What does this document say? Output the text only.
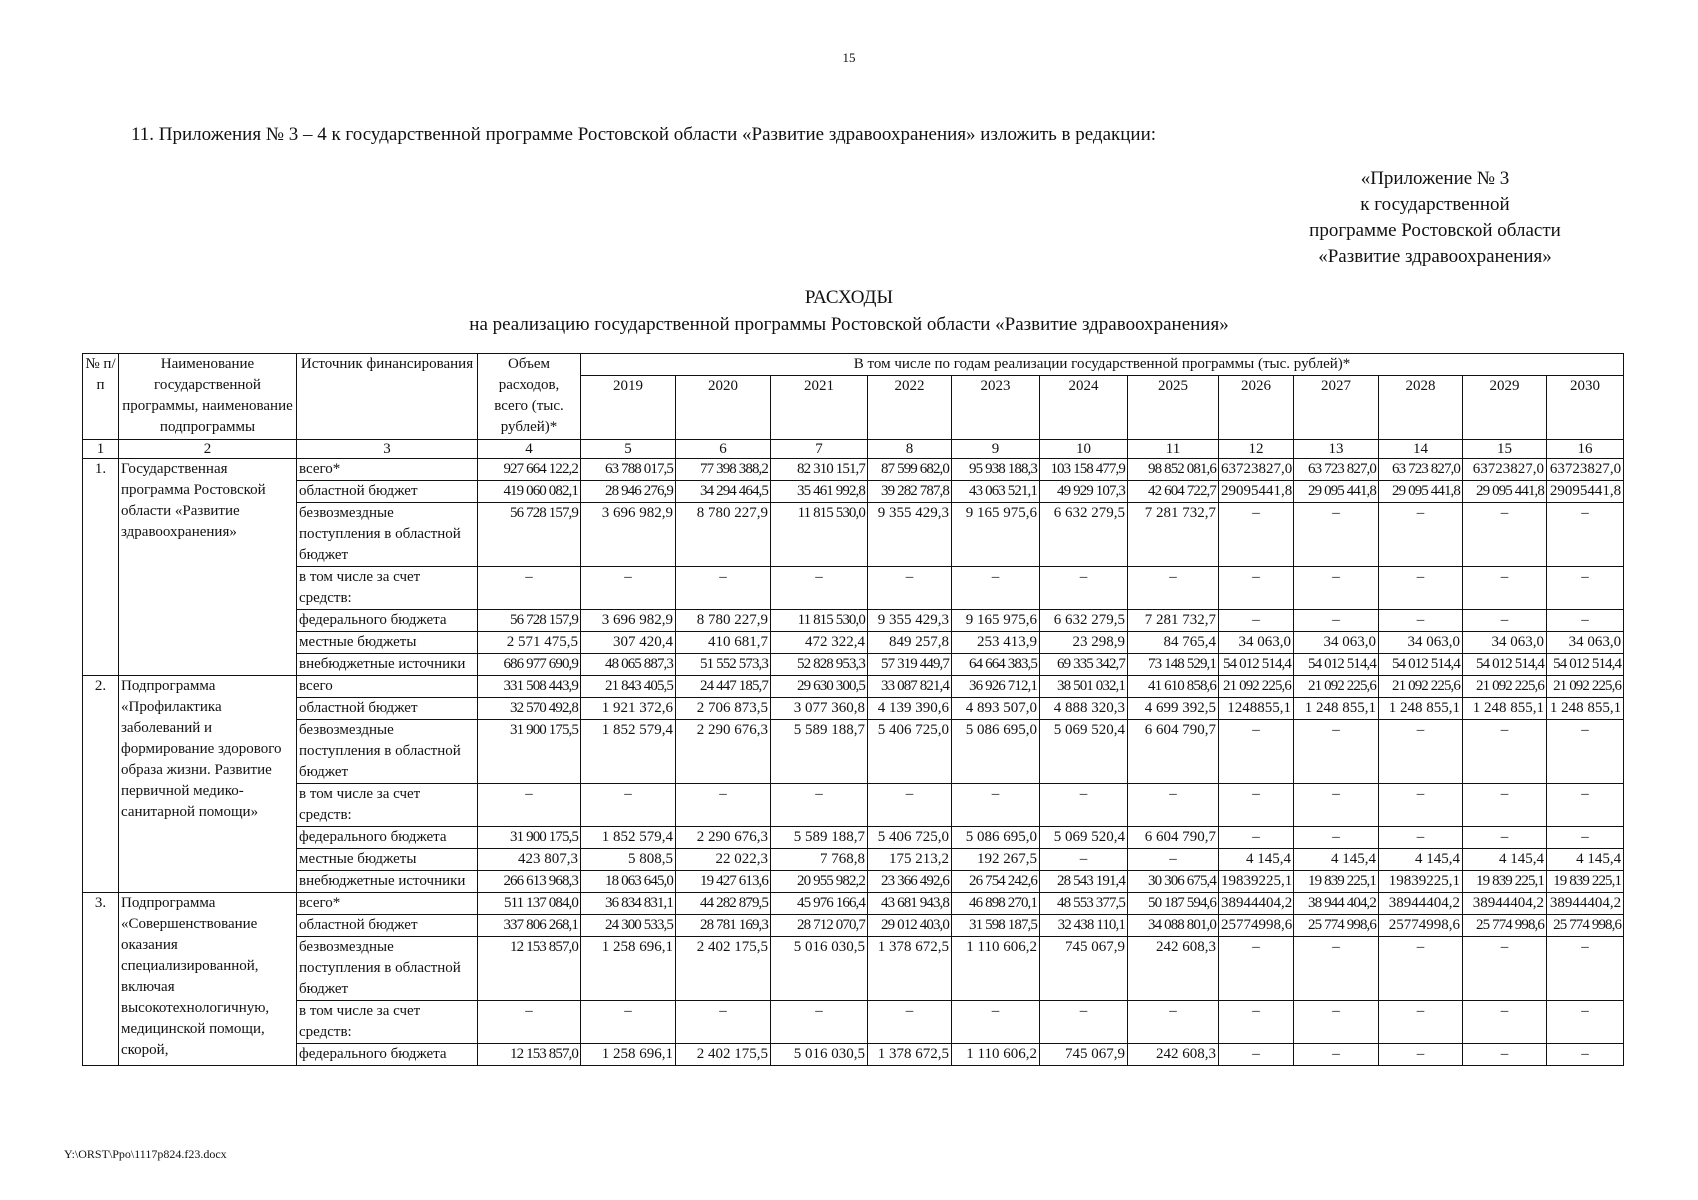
15
11. Приложения № 3 – 4 к государственной программе Ростовской области «Развитие здравоохранения» изложить в редакции:
«Приложение № 3
к государственной
программе Ростовской области
«Развитие здравоохранения»
РАСХОДЫ
на реализацию государственной программы Ростовской области «Развитие здравоохранения»
№ п/п	Наименование государственной программы, наименование подпрограммы	Источник финансирования	Объем расходов, всего (тыс. рублей)*	В том числе по годам реализации государственной программы (тыс. рублей)*											
				2019	2020	2021	2022	2023	2024	2025	2026	2027	2028	2029	2030
1	2	3	4	5	6	7	8	9	10	11	12	13	14	15	16
1.	Государственная программа Ростовской области «Развитие здравоохранения»	всего*	927 664 122,2	63 788 017,5	77 398 388,2	82 310 151,7	87 599 682,0	95 938 188,3	103 158 477,9	98 852 081,6	63723827,0	63 723 827,0	63 723 827,0	63723827,0	63723827,0
		областной бюджет	419 060 082,1	28 946 276,9	34 294 464,5	35 461 992,8	39 282 787,8	43 063 521,1	49 929 107,3	42 604 722,7	29095441,8	29 095 441,8	29 095 441,8	29 095 441,8	29095441,8
		безвозмездные поступления в областной бюджет	56 728 157,9	3 696 982,9	8 780 227,9	11 815 530,0	9 355 429,3	9 165 975,6	6 632 279,5	7 281 732,7	–	–	–	–	–
		в том числе за счет средств:	–	–	–	–	–	–	–	–	–	–	–	–	–
		федерального бюджета	56 728 157,9	3 696 982,9	8 780 227,9	11 815 530,0	9 355 429,3	9 165 975,6	6 632 279,5	7 281 732,7	–	–	–	–	–
		местные бюджеты	2 571 475,5	307 420,4	410 681,7	472 322,4	849 257,8	253 413,9	23 298,9	84 765,4	34 063,0	34 063,0	34 063,0	34 063,0	34 063,0
		внебюджетные источники	686 977 690,9	48 065 887,3	51 552 573,3	52 828 953,3	57 319 449,7	64 664 383,5	69 335 342,7	73 148 529,1	54 012 514,4	54 012 514,4	54 012 514,4	54 012 514,4	54 012 514,4
2.	Подпрограмма «Профилактика заболеваний и формирование здорового образа жизни. Развитие первичной медико-санитарной помощи»	всего	331 508 443,9	21 843 405,5	24 447 185,7	29 630 300,5	33 087 821,4	36 926 712,1	38 501 032,1	41 610 858,6	21 092 225,6	21 092 225,6	21 092 225,6	21 092 225,6	21 092 225,6
		областной бюджет	32 570 492,8	1 921 372,6	2 706 873,5	3 077 360,8	4 139 390,6	4 893 507,0	4 888 320,3	4 699 392,5	1248855,1	1 248 855,1	1 248 855,1	1 248 855,1	1 248 855,1
		безвозмездные поступления в областной бюджет	31 900 175,5	1 852 579,4	2 290 676,3	5 589 188,7	5 406 725,0	5 086 695,0	5 069 520,4	6 604 790,7	–	–	–	–	–
		в том числе за счет средств:	–	–	–	–	–	–	–	–	–	–	–	–	–
		федерального бюджета	31 900 175,5	1 852 579,4	2 290 676,3	5 589 188,7	5 406 725,0	5 086 695,0	5 069 520,4	6 604 790,7	–	–	–	–	–
		местные бюджеты	423 807,3	5 808,5	22 022,3	7 768,8	175 213,2	192 267,5	–	–	4 145,4	4 145,4	4 145,4	4 145,4	4 145,4
		внебюджетные источники	266 613 968,3	18 063 645,0	19 427 613,6	20 955 982,2	23 366 492,6	26 754 242,6	28 543 191,4	30 306 675,4	19839225,1	19 839 225,1	19839225,1	19 839 225,1	19 839 225,1
3.	Подпрограмма «Совершенствование оказания специализированной, включая высокотехнологичную, медицинской помощи, скорой,	всего*	511 137 084,0	36 834 831,1	44 282 879,5	45 976 166,4	43 681 943,8	46 898 270,1	48 553 377,5	50 187 594,6	38944404,2	38 944 404,2	38944404,2	38944404,2	38944404,2
		областной бюджет	337 806 268,1	24 300 533,5	28 781 169,3	28 712 070,7	29 012 403,0	31 598 187,5	32 438 110,1	34 088 801,0	25774998,6	25 774 998,6	25774998,6	25 774 998,6	25 774 998,6
		безвозмездные поступления в областной бюджет	12 153 857,0	1 258 696,1	2 402 175,5	5 016 030,5	1 378 672,5	1 110 606,2	745 067,9	242 608,3	–	–	–	–	–
		в том числе за счет средств:	–	–	–	–	–	–	–	–	–	–	–	–	–
		федерального бюджета	12 153 857,0	1 258 696,1	2 402 175,5	5 016 030,5	1 378 672,5	1 110 606,2	745 067,9	242 608,3	–	–	–	–	–
Y:\ORST\Ppo\1117p824.f23.docx
